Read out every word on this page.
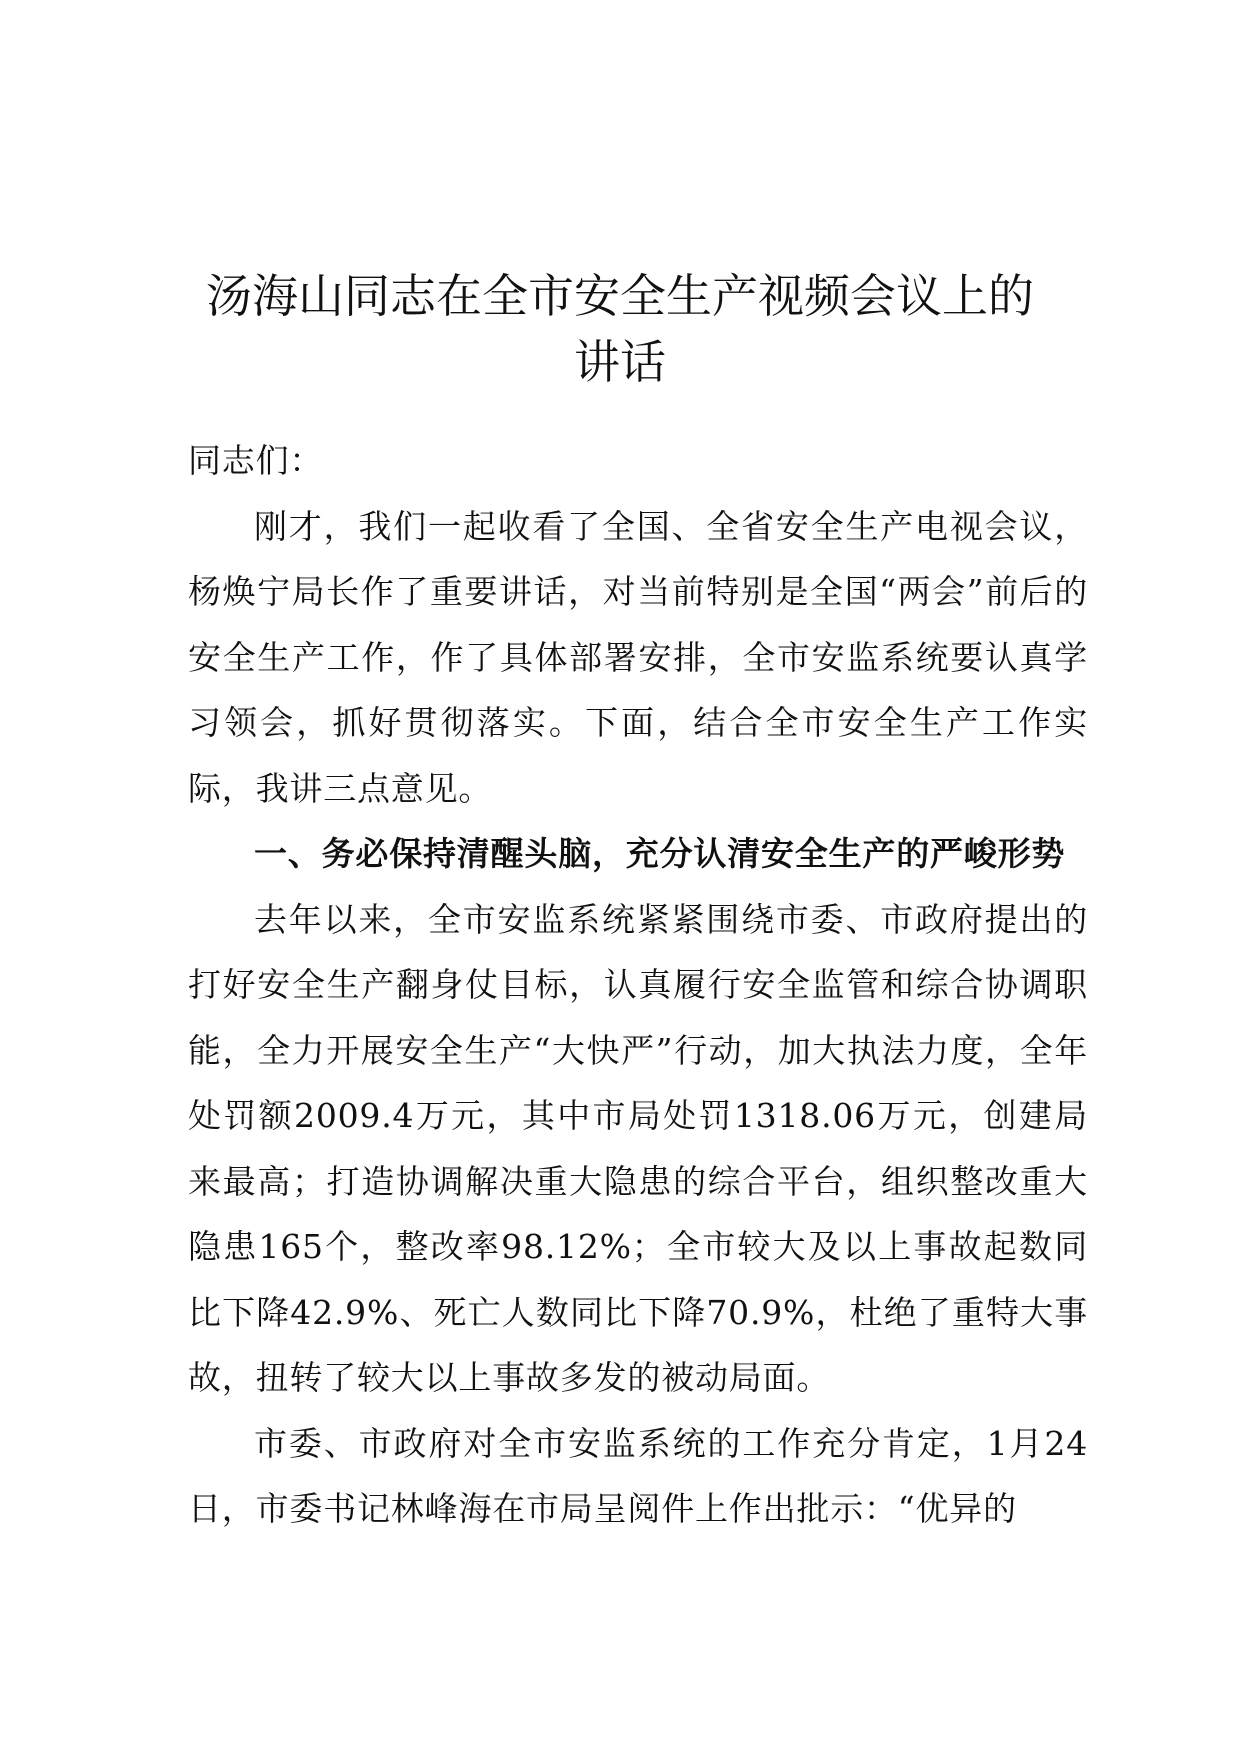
汤海山同志在全市安全生产视频会议上的
讲话

同志们：

刚才，我们一起收看了全国、全省安全生产电视会议，杨焕宁局长作了重要讲话，对当前特别是全国“两会”前后的安全生产工作，作了具体部署安排，全市安监系统要认真学习领会，抓好贯彻落实。下面，结合全市安全生产工作实际，我讲三点意见。

一、务必保持清醒头脑，充分认清安全生产的严峻形势

去年以来，全市安监系统紧紧围绕市委、市政府提出的打好安全生产翻身仗目标，认真履行安全监管和综合协调职能，全力开展安全生产“大快严”行动，加大执法力度，全年处罚额2009.4万元，其中市局处罚1318.06万元，创建局来最高；打造协调解决重大隐患的综合平台，组织整改重大隐患165个，整改率98.12%；全市较大及以上事故起数同比下降42.9%、死亡人数同比下降70.9%，杜绝了重特大事故，扭转了较大以上事故多发的被动局面。

市委、市政府对全市安监系统的工作充分肯定，1月24日，市委书记林峰海在市局呈阅件上作出批示：“优异的
